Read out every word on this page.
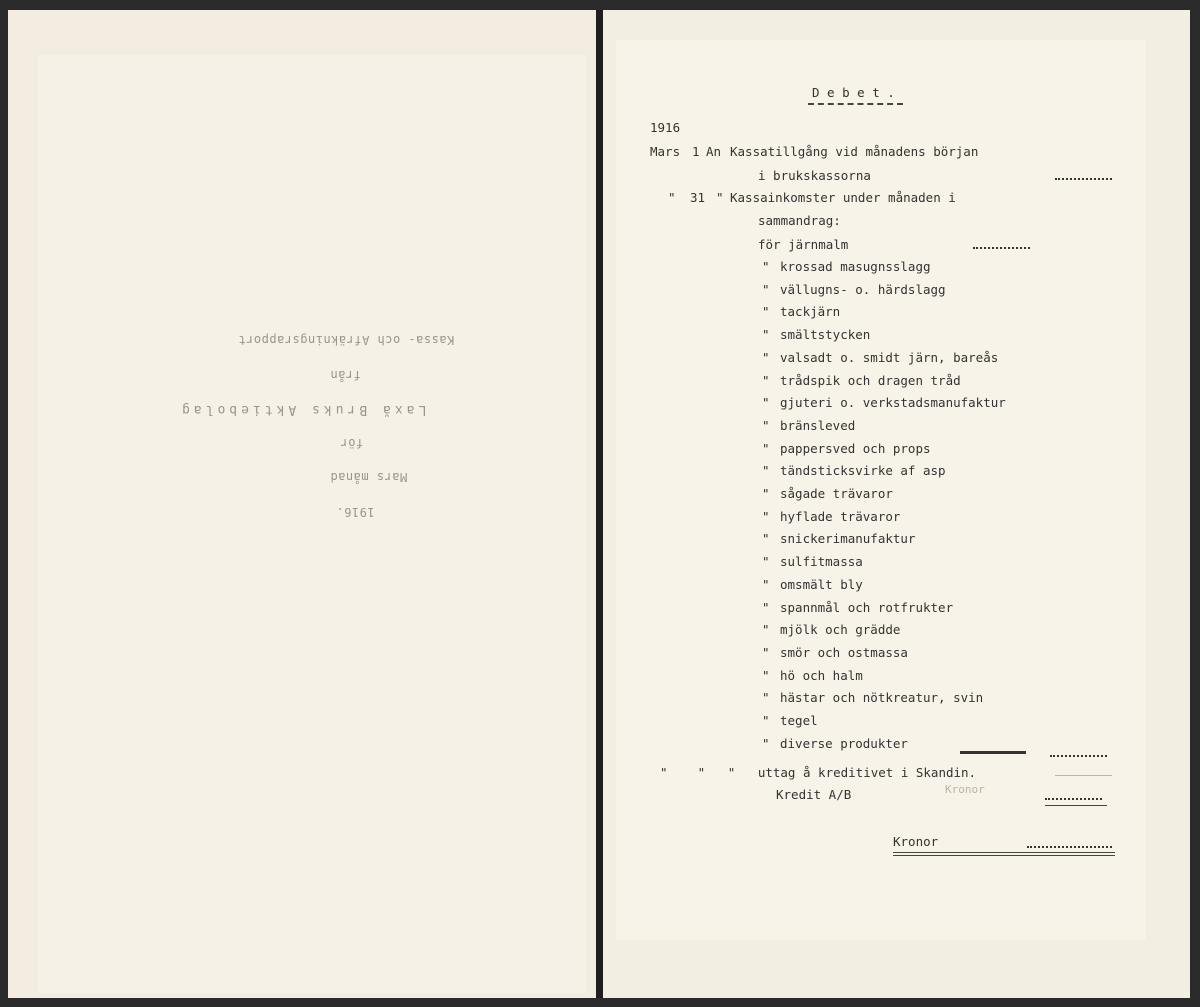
Kassa- och Afräkningsrapport
från
Laxå Bruks Aktiebolag
för
Mars månad
1916.
D e b e t .
1916
Mars 1 An Kassatillgång vid månadens början
i brukskassorna
" 31 " Kassainkomster under månaden i
sammandrag:
för järnmalm
" krossad masugnsslagg
" vällugns- o. härdslagg
" tackjärn
" smältstycken
" valsadt o. smidt järn, bareås
" trådspik och dragen tråd
" gjuteri o. verkstadsmanufaktur
" bränsleved
" pappersved och props
" tändsticksvirke af asp
" sågade trävaror
" hyflade trävaror
" snickerimanufaktur
" sulfitmassa
" omsmält bly
" spannmål och rotfrukter
" mjölk och grädde
" smör och ostmassa
" hö och halm
" hästar och nötkreatur, svin
" tegel
" diverse produkter
"    "   "   uttag å kreditivet i Skandin.
Kredit A/B	Kronor
Kronor
